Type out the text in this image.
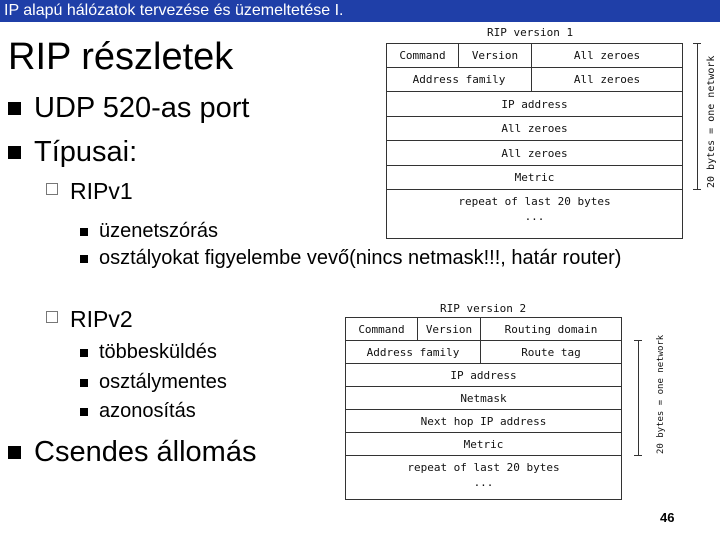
IP alapú hálózatok tervezése és üzemeltetése I.
RIP részletek
UDP 520-as port
Típusai:
RIPv1
üzenetszórás
osztályokat figyelembe vevő(nincs netmask!!!, határ router)
RIPv2
többesküldés
osztálymentes
azonosítás
Csendes állomás
RIP version 1
Command	Version	All zeroes
Address family	All zeroes
IP address
All zeroes
All zeroes
Metric
repeat of last 20 bytes
...
20 bytes = one network
RIP version 2
Command	Version	Routing domain
Address family	Route tag
IP address
Netmask
Next hop IP address
Metric
repeat of last 20 bytes
...
20 bytes = one network
46
